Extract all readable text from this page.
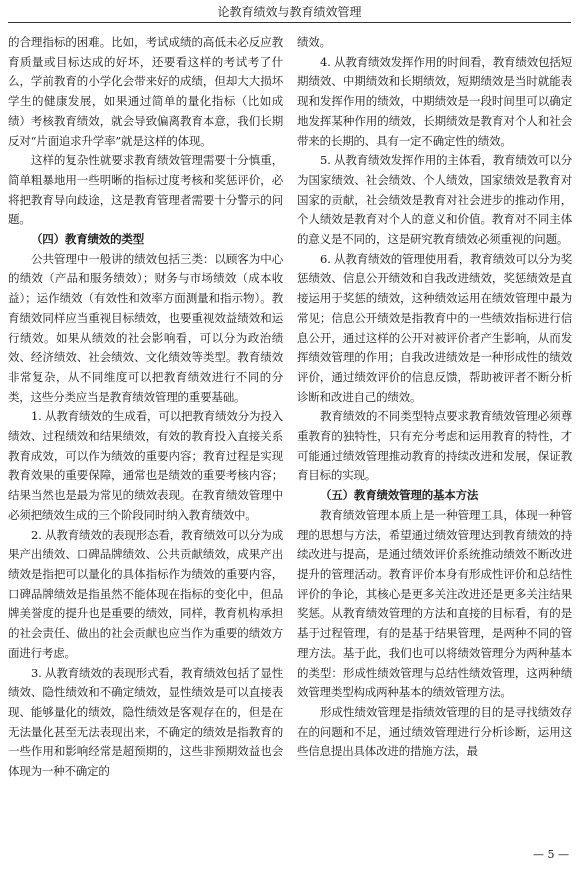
论教育绩效与教育绩效管理

的合理指标的困难。比如，考试成绩的高低未必反应教育质量或目标达成的好坏，还要看这样的考试考了什么，学前教育的小学化会带来好的成绩，但却大大损坏学生的健康发展，如果通过简单的量化指标（比如成绩）考核教育绩效，就会导致偏离教育本意，我们长期反对“片面追求升学率”就是这样的体现。

这样的复杂性就要求教育绩效管理需要十分慎重，简单粗暴地用一些明晰的指标过度考核和奖惩评价，必将把教育导向歧途，这是教育管理者需要十分警示的问题。

（四）教育绩效的类型

公共管理中一般讲的绩效包括三类：以顾客为中心的绩效（产品和服务绩效）；财务与市场绩效（成本收益）；运作绩效（有效性和效率方面测量和指示物）。教育绩效同样应当重视目标绩效，也要重视效益绩效和运行绩效。如果从绩效的社会影响看，可以分为政治绩效、经济绩效、社会绩效、文化绩效等类型。教育绩效非常复杂，从不同维度可以把教育绩效进行不同的分类，这些分类应当是教育绩效管理的重要基础。

1. 从教育绩效的生成看，可以把教育绩效分为投入绩效、过程绩效和结果绩效，有效的教育投入直接关系教育成效，可以作为绩效的重要内容；教育过程是实现教育效果的重要保障，通常也是绩效的重要考核内容；结果当然也是最为常见的绩效表现。在教育绩效管理中必须把绩效生成的三个阶段同时纳入教育绩效中。

2. 从教育绩效的表现形态看，教育绩效可以分为成果产出绩效、口碑品牌绩效、公共贡献绩效，成果产出绩效是指把可以量化的具体指标作为绩效的重要内容，口碑品牌绩效是指虽然不能体现在指标的变化中，但品牌美誉度的提升也是重要的绩效，同样，教育机构承担的社会责任、做出的社会贡献也应当作为重要的绩效方面进行考虑。

3. 从教育绩效的表现形式看，教育绩效包括了显性绩效、隐性绩效和不确定绩效，显性绩效是可以直接表现、能够量化的绩效，隐性绩效是客观存在的，但是在无法量化甚至无法表现出来，不确定的绩效是指教育的一些作用和影响经常是超预期的，这些非预期效益也会体现为一种不确定的

绩效。

4. 从教育绩效发挥作用的时间看，教育绩效包括短期绩效、中期绩效和长期绩效，短期绩效是当时就能表现和发挥作用的绩效，中期绩效是一段时间里可以确定地发挥某种作用的绩效，长期绩效是教育对个人和社会带来的长期的、具有一定不确定性的绩效。

5. 从教育绩效发挥作用的主体看，教育绩效可以分为国家绩效、社会绩效、个人绩效，国家绩效是教育对国家的贡献，社会绩效是教育对社会进步的推动作用，个人绩效是教育对个人的意义和价值。教育对不同主体的意义是不同的，这是研究教育绩效必须重视的问题。

6. 从教育绩效的管理使用看，教育绩效可以分为奖惩绩效、信息公开绩效和自我改进绩效，奖惩绩效是直接运用于奖惩的绩效，这种绩效运用在绩效管理中最为常见；信息公开绩效是指教育中的一些绩效指标进行信息公开，通过这样的公开对被评价者产生影响，从而发挥绩效管理的作用；自我改进绩效是一种形成性的绩效评价，通过绩效评价的信息反馈，帮助被评者不断分析诊断和改进自己的绩效。

教育绩效的不同类型特点要求教育绩效管理必须尊重教育的独特性，只有充分考虑和运用教育的特性，才可能通过绩效管理推动教育的持续改进和发展，保证教育目标的实现。

（五）教育绩效管理的基本方法

教育绩效管理本质上是一种管理工具，体现一种管理的思想与方法，希望通过绩效管理达到教育绩效的持续改进与提高，是通过绩效评价系统推动绩效不断改进提升的管理活动。教育评价本身有形成性评价和总结性评价的争论，其核心是更多关注改进还是更多关注结果奖惩。从教育绩效管理的方法和直接的目标看，有的是基于过程管理，有的是基于结果管理，是两种不同的管理方法。基于此，我们也可以将绩效管理分为两种基本的类型：形成性绩效管理与总结性绩效管理，这两种绩效管理类型构成两种基本的绩效管理方法。

形成性绩效管理是指绩效管理的目的是寻找绩效存在的问题和不足，通过绩效管理进行分析诊断，运用这些信息提出具体改进的措施方法，最

— 5 —
